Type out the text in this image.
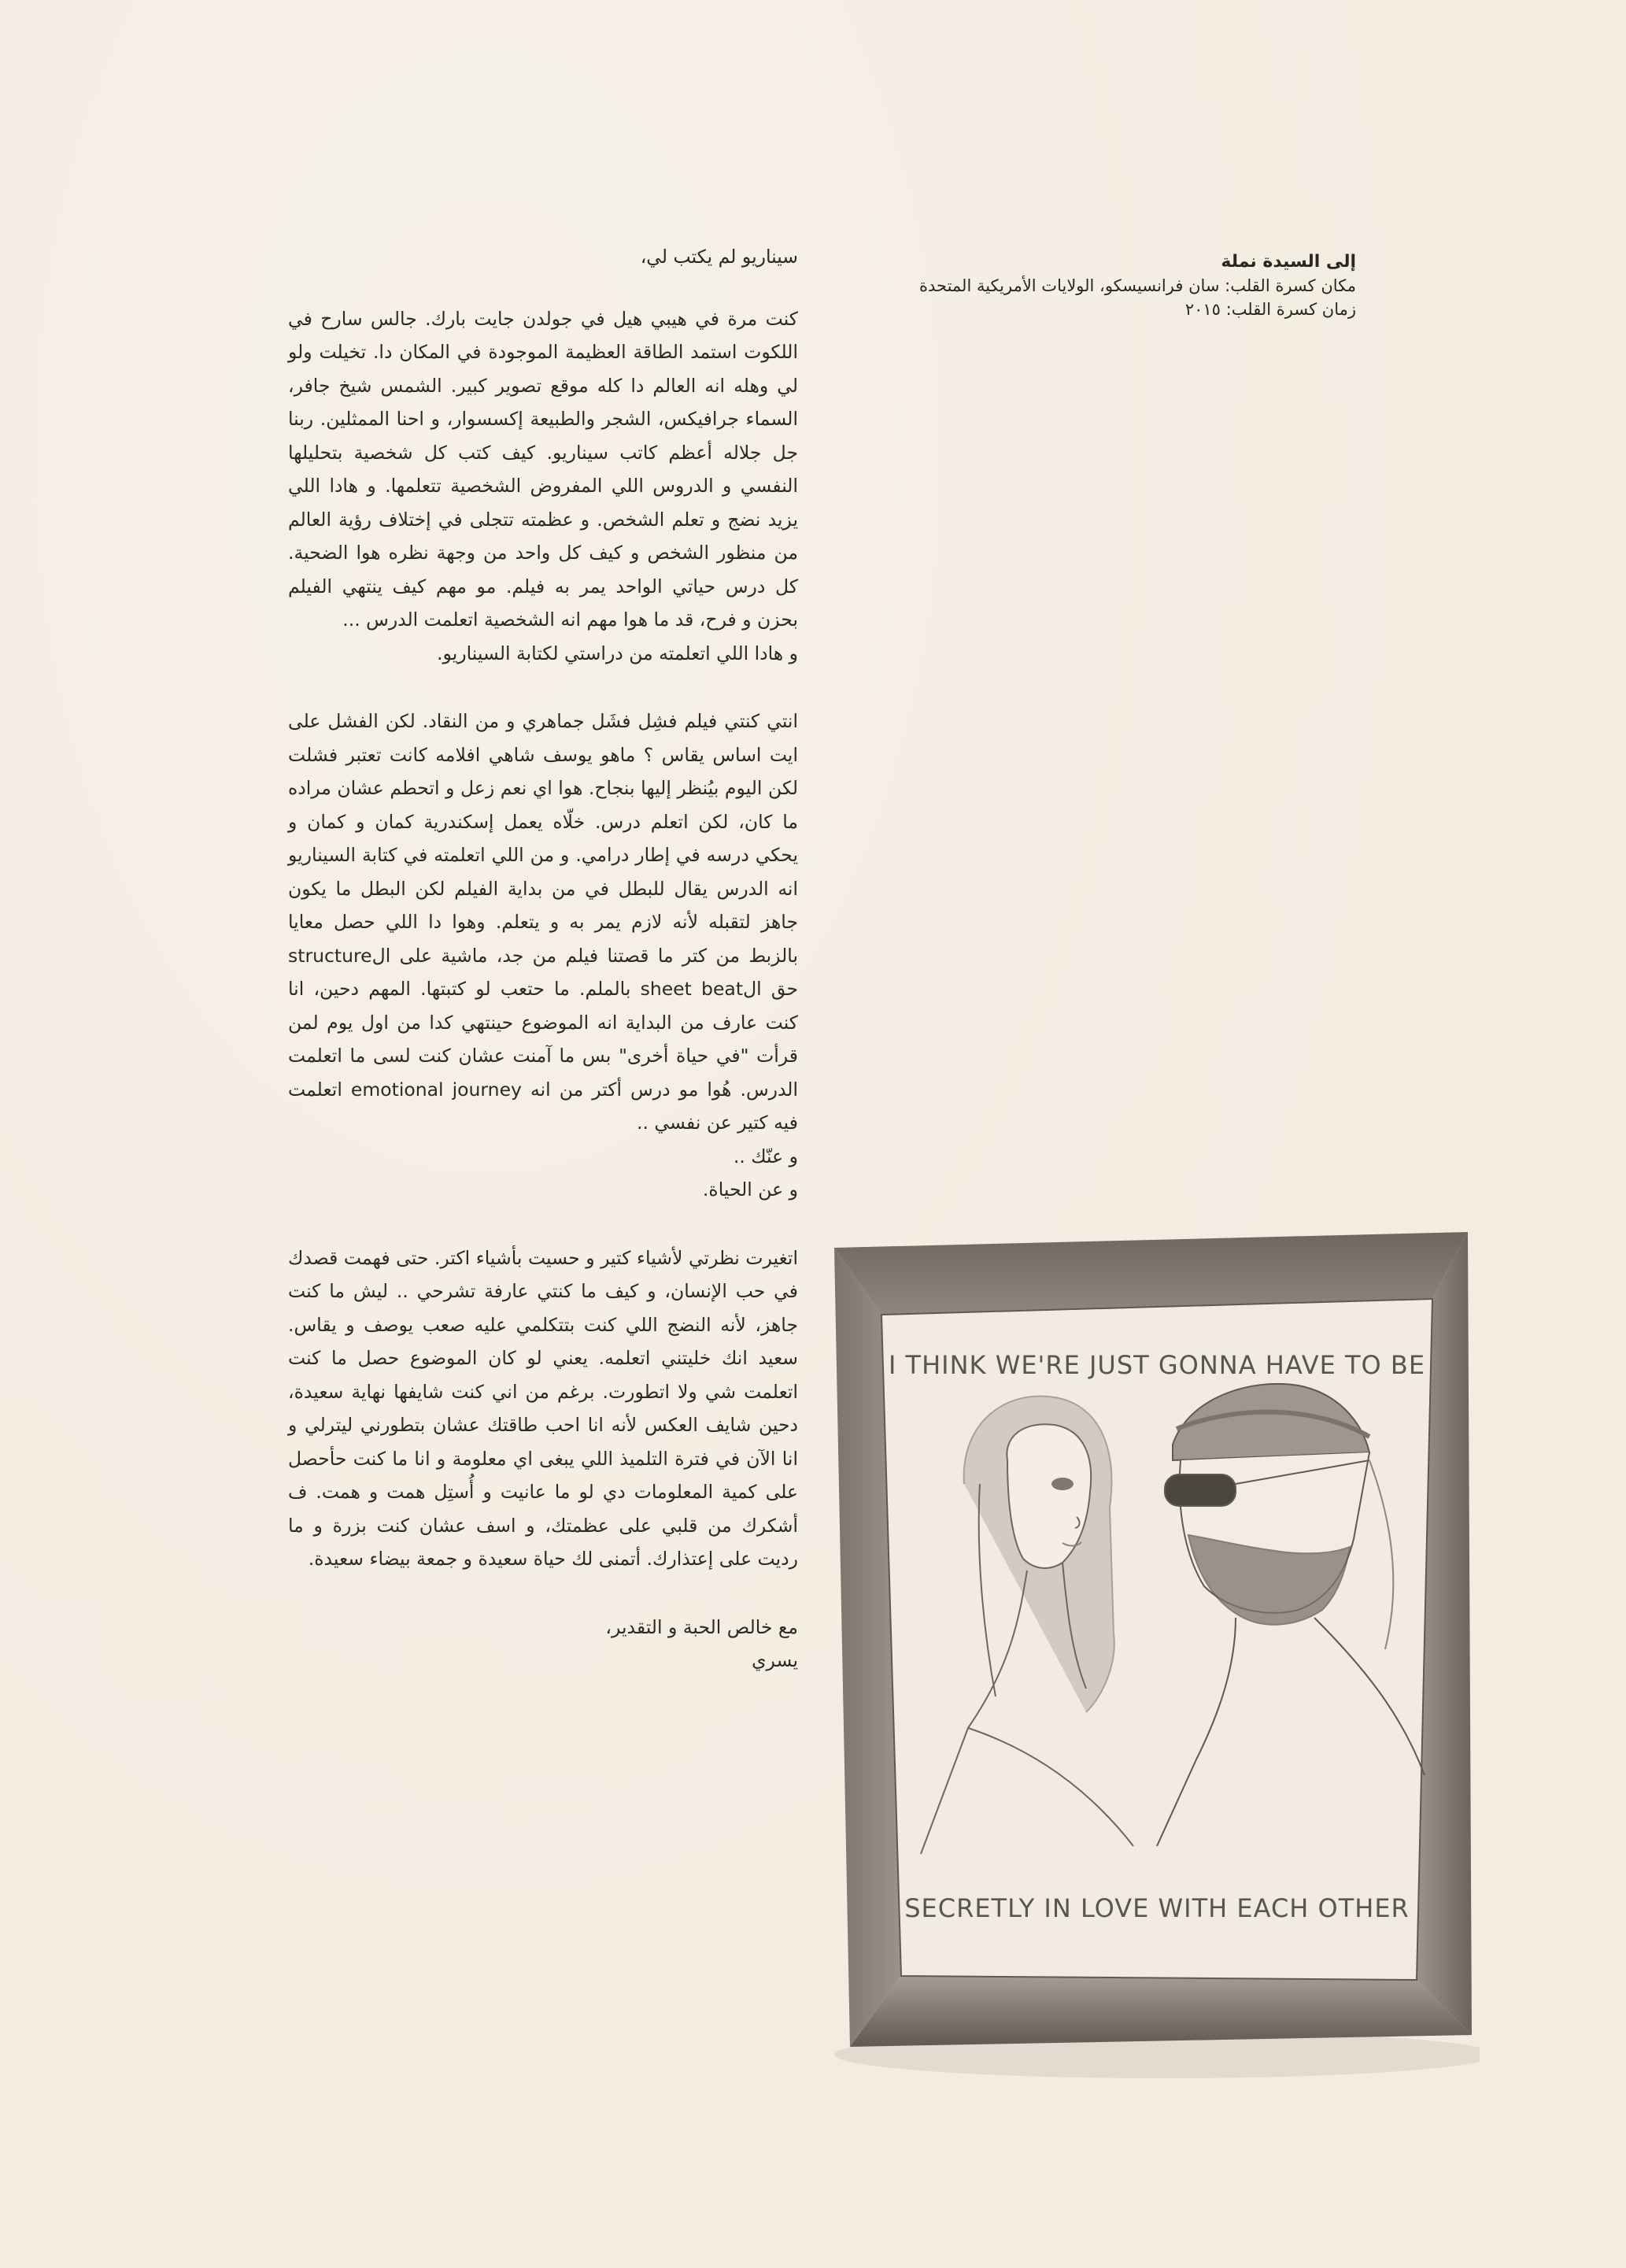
إلى السيدة نملة
مكان كسرة القلب: سان فرانسيسكو، الولايات الأمريكية المتحدة
زمان كسرة القلب: ٢٠١٥

سيناريو لم يكتب لي،

كنت مرة في هيبي هيل في جولدن جايت بارك. جالس سارح في اللكوت استمد الطاقة العظيمة الموجودة في المكان دا. تخيلت ولو لي وهله انه العالم دا كله موقع تصوير كبير. الشمس شيخ جافر، السماء جرافيكس، الشجر والطبيعة إكسسوار، و احنا الممثلين. ربنا جل جلاله أعظم كاتب سيناريو. كيف كتب كل شخصية بتحليلها النفسي و الدروس اللي المفروض الشخصية تتعلمها. و هادا اللي يزيد نضج و تعلم الشخص. و عظمته تتجلى في إختلاف رؤية العالم من منظور الشخص و كيف كل واحد من وجهة نظره هوا الضحية. كل درس حياتي الواحد يمر به فيلم. مو مهم كيف ينتهي الفيلم بحزن و فرح، قد ما هوا مهم انه الشخصية اتعلمت الدرس ...

و هادا اللي اتعلمته من دراستي لكتابة السيناريو.

انتي كنتي فيلم فشِل فشَل جماهري و من النقاد. لكن الفشل على ايت اساس يقاس ؟ ماهو يوسف شاهي افلامه كانت تعتبر فشلت لكن اليوم بيُنظر إليها بنجاح. هوا اي نعم زعل و اتحطم عشان مراده ما كان، لكن اتعلم درس. خلّاه يعمل إسكندرية كمان و كمان و يحكي درسه في إطار درامي. و من اللي اتعلمته في كتابة السيناريو انه الدرس يقال للبطل في من بداية الفيلم لكن البطل ما يكون جاهز لتقبله لأنه لازم يمر به و يتعلم. وهوا دا اللي حصل معايا بالزبط من كتر ما قصتنا فيلم من جد، ماشية على الstructure حق الsheet beat بالملم. ما حتعب لو كتبتها. المهم دحين، انا كنت عارف من البداية انه الموضوع حينتهي كدا من اول يوم لمن قرأت "في حياة أخرى" بس ما آمنت عشان كنت لسى ما اتعلمت الدرس. هُوا مو درس أكتر من انه emotional journey اتعلمت فيه كتير عن نفسي ..

و عنّك ..

و عن الحياة.

اتغيرت نظرتي لأشياء كتير و حسيت بأشياء اكتر. حتى فهمت قصدك في حب الإنسان، و كيف ما كنتي عارفة تشرحي .. ليش ما كنت جاهز، لأنه النضج اللي كنت بتتكلمي عليه صعب يوصف و يقاس. سعيد انك خليتني اتعلمه. يعني لو كان الموضوع حصل ما كنت اتعلمت شي ولا اتطورت. برغم من اني كنت شايفها نهاية سعيدة، دحين شايف العكس لأنه انا احب طاقتك عشان بتطورني ليترلي و انا الآن في فترة التلميذ اللي يبغى اي معلومة و انا ما كنت حأحصل على كمية المعلومات دي لو ما عانيت و أُستِل همت و همت. ف أشكرك من قلبي على عظمتك، و اسف عشان كنت بزرة و ما رديت على إعتذارك. أتمنى لك حياة سعيدة و جمعة بيضاء سعيدة.

مع خالص الحبة و التقدير،

يسري

I THINK WE'RE JUST GONNA HAVE TO BE
SECRETLY IN LOVE WITH EACH OTHER
